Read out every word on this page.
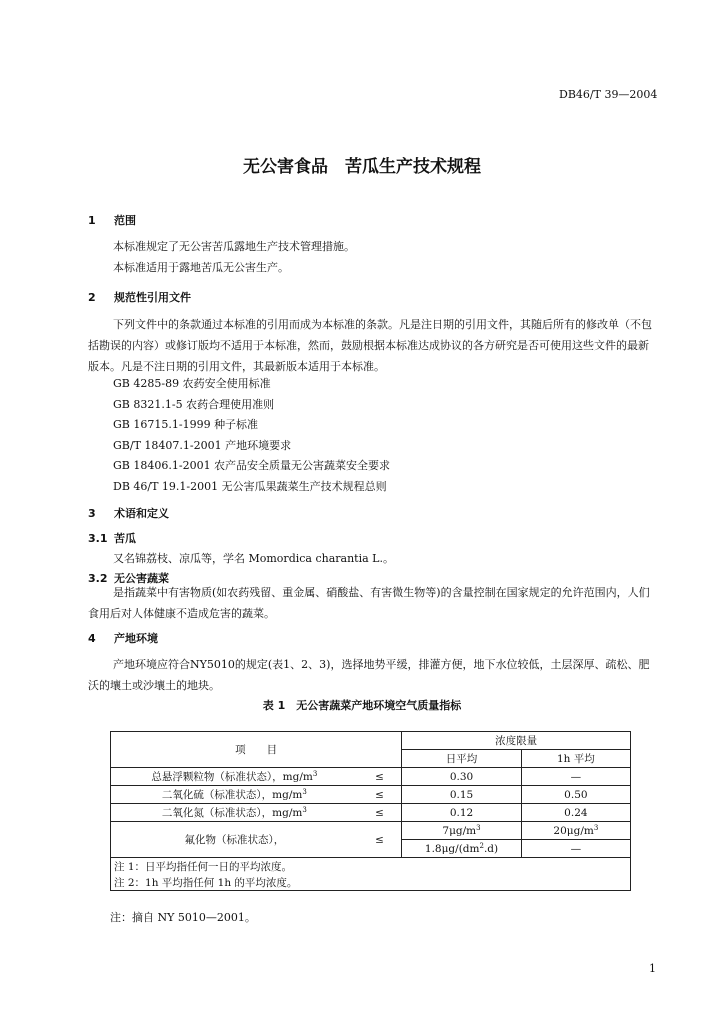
DB46/T 39—2004
无公害食品　苦瓜生产技术规程
1 范围
本标准规定了无公害苦瓜露地生产技术管理措施。
本标准适用于露地苦瓜无公害生产。
2 规范性引用文件
下列文件中的条款通过本标准的引用而成为本标准的条款。凡是注日期的引用文件，其随后所有的修改单（不包括勘误的内容）或修订版均不适用于本标准，然而，鼓励根据本标准达成协议的各方研究是否可使用这些文件的最新版本。凡是不注日期的引用文件，其最新版本适用于本标准。
GB 4285-89 农药安全使用标准
GB 8321.1-5 农药合理使用准则
GB 16715.1-1999 种子标准
GB/T 18407.1-2001 产地环境要求
GB 18406.1-2001 农产品安全质量无公害蔬菜安全要求
DB 46/T 19.1-2001 无公害瓜果蔬菜生产技术规程总则
3 术语和定义
3.1 苦瓜
又名锦荔枝、凉瓜等，学名 Momordica charantia L.。
3.2 无公害蔬菜
是指蔬菜中有害物质(如农药残留、重金属、硝酸盐、有害微生物等)的含量控制在国家规定的允许范围内，人们食用后对人体健康不造成危害的蔬菜。
4 产地环境
产地环境应符合NY5010的规定(表1、2、3)，选择地势平缓，排灌方便，地下水位较低，土层深厚、疏松、肥沃的壤土或沙壤土的地块。
表 1　无公害蔬菜产地环境空气质量指标
项　　目		浓度限量	
		日平均	1h 平均
总悬浮颗粒物（标准状态），$mg/m^3$	≤	0.30	—
二氧化硫（标准状态），$mg/m^3$	≤	0.15	0.50
二氧化氮（标准状态），$mg/m^3$	≤	0.12	0.24
氟化物（标准状态），	≤	$7\mu g/m^3$	$20\mu g/m^3$
		$1.8\mu g/(dm^2.d)$	—
注 1：日平均指任何一日的平均浓度。			
注 2：1h 平均指任何 1h 的平均浓度。			
注：摘自 NY 5010—2001。
1
